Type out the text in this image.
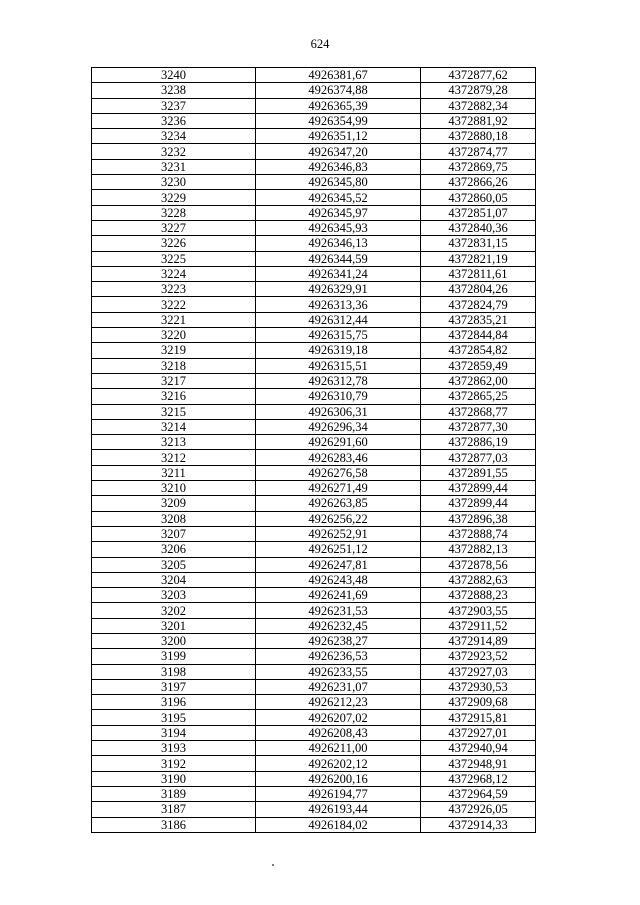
624
3240	4926381,67	4372877,62
3238	4926374,88	4372879,28
3237	4926365,39	4372882,34
3236	4926354,99	4372881,92
3234	4926351,12	4372880,18
3232	4926347,20	4372874,77
3231	4926346,83	4372869,75
3230	4926345,80	4372866,26
3229	4926345,52	4372860,05
3228	4926345,97	4372851,07
3227	4926345,93	4372840,36
3226	4926346,13	4372831,15
3225	4926344,59	4372821,19
3224	4926341,24	4372811,61
3223	4926329,91	4372804,26
3222	4926313,36	4372824,79
3221	4926312,44	4372835,21
3220	4926315,75	4372844,84
3219	4926319,18	4372854,82
3218	4926315,51	4372859,49
3217	4926312,78	4372862,00
3216	4926310,79	4372865,25
3215	4926306,31	4372868,77
3214	4926296,34	4372877,30
3213	4926291,60	4372886,19
3212	4926283,46	4372877,03
3211	4926276,58	4372891,55
3210	4926271,49	4372899,44
3209	4926263,85	4372899,44
3208	4926256,22	4372896,38
3207	4926252,91	4372888,74
3206	4926251,12	4372882,13
3205	4926247,81	4372878,56
3204	4926243,48	4372882,63
3203	4926241,69	4372888,23
3202	4926231,53	4372903,55
3201	4926232,45	4372911,52
3200	4926238,27	4372914,89
3199	4926236,53	4372923,52
3198	4926233,55	4372927,03
3197	4926231,07	4372930,53
3196	4926212,23	4372909,68
3195	4926207,02	4372915,81
3194	4926208,43	4372927,01
3193	4926211,00	4372940,94
3192	4926202,12	4372948,91
3190	4926200,16	4372968,12
3189	4926194,77	4372964,59
3187	4926193,44	4372926,05
3186	4926184,02	4372914,33
